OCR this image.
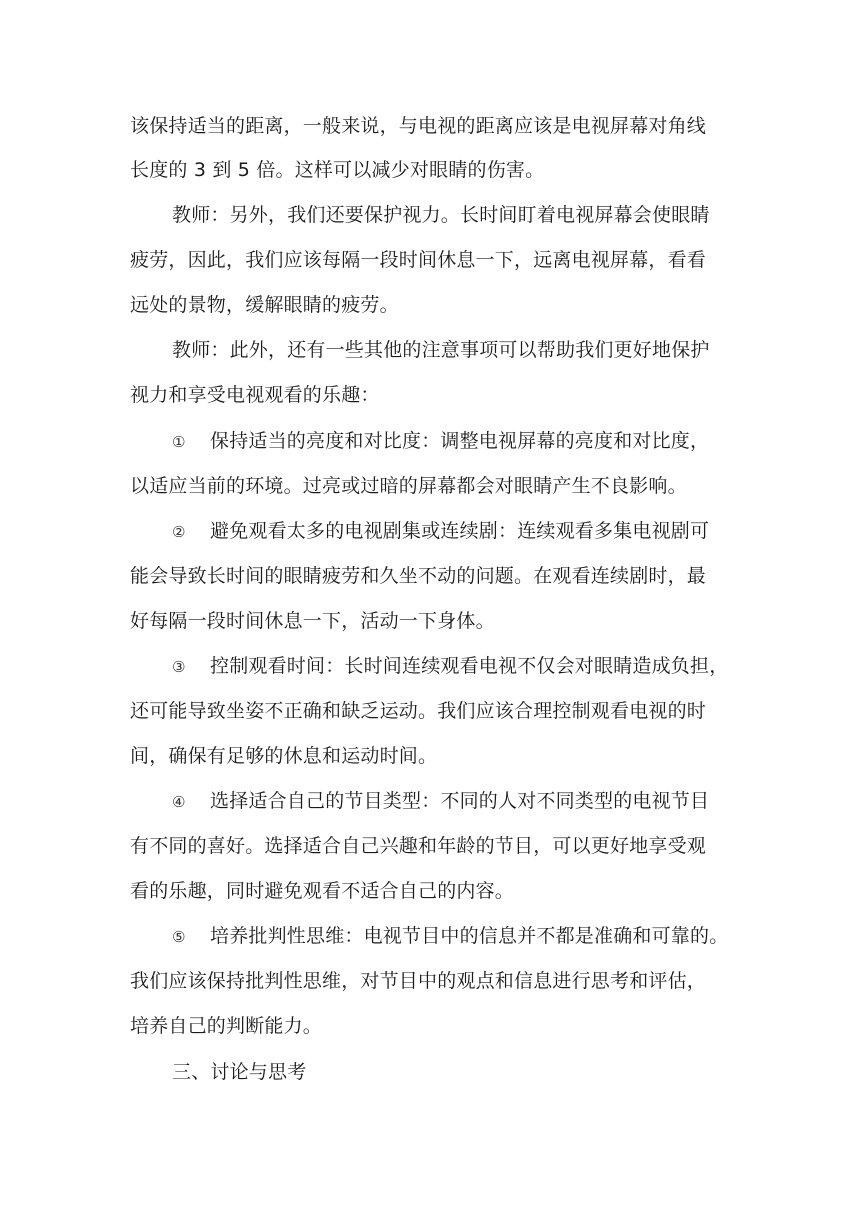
该保持适当的距离，一般来说，与电视的距离应该是电视屏幕对角线
长度的 3 到 5 倍。这样可以减少对眼睛的伤害。
教师：另外，我们还要保护视力。长时间盯着电视屏幕会使眼睛
疲劳，因此，我们应该每隔一段时间休息一下，远离电视屏幕，看看
远处的景物，缓解眼睛的疲劳。
教师：此外，还有一些其他的注意事项可以帮助我们更好地保护
视力和享受电视观看的乐趣：
① 保持适当的亮度和对比度：调整电视屏幕的亮度和对比度，
以适应当前的环境。过亮或过暗的屏幕都会对眼睛产生不良影响。
② 避免观看太多的电视剧集或连续剧：连续观看多集电视剧可
能会导致长时间的眼睛疲劳和久坐不动的问题。在观看连续剧时，最
好每隔一段时间休息一下，活动一下身体。
③ 控制观看时间：长时间连续观看电视不仅会对眼睛造成负担，
还可能导致坐姿不正确和缺乏运动。我们应该合理控制观看电视的时
间，确保有足够的休息和运动时间。
④ 选择适合自己的节目类型：不同的人对不同类型的电视节目
有不同的喜好。选择适合自己兴趣和年龄的节目，可以更好地享受观
看的乐趣，同时避免观看不适合自己的内容。
⑤ 培养批判性思维：电视节目中的信息并不都是准确和可靠的。
我们应该保持批判性思维，对节目中的观点和信息进行思考和评估，
培养自己的判断能力。
三、讨论与思考
